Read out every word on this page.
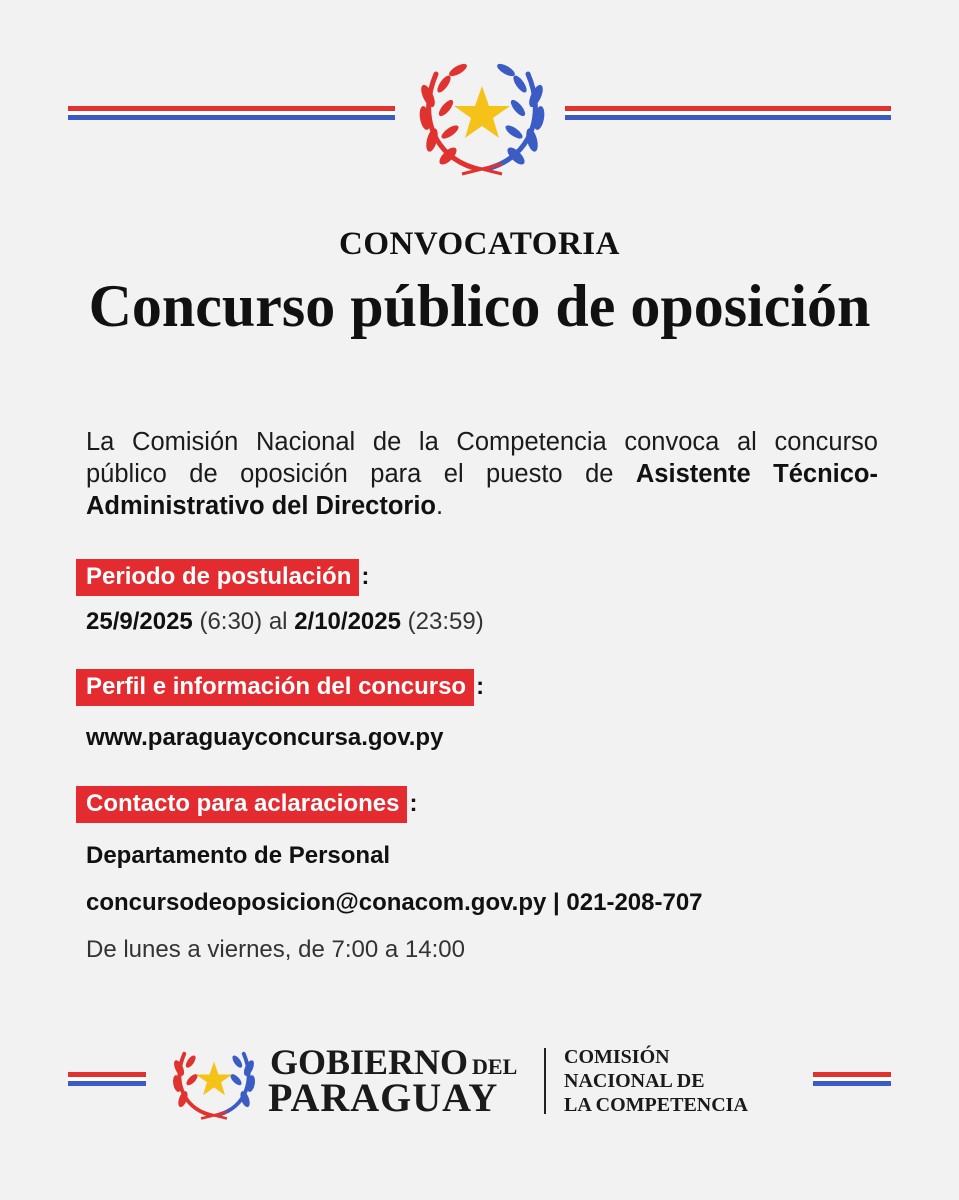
CONVOCATORIA
Concurso público de oposición
La Comisión Nacional de la Competencia convoca al concurso público de oposición para el puesto de Asistente Técnico-Administrativo del Directorio.
Periodo de postulación :
25/9/2025 (6:30) al 2/10/2025 (23:59)
Perfil e información del concurso :
www.paraguayconcursa.gov.py
Contacto para aclaraciones :
Departamento de Personal
concursodeoposicion@conacom.gov.py | 021-208-707
De lunes a viernes, de 7:00 a 14:00
GOBIERNO DEL
PARAGUAY
COMISIÓN
NACIONAL DE
LA COMPETENCIA
